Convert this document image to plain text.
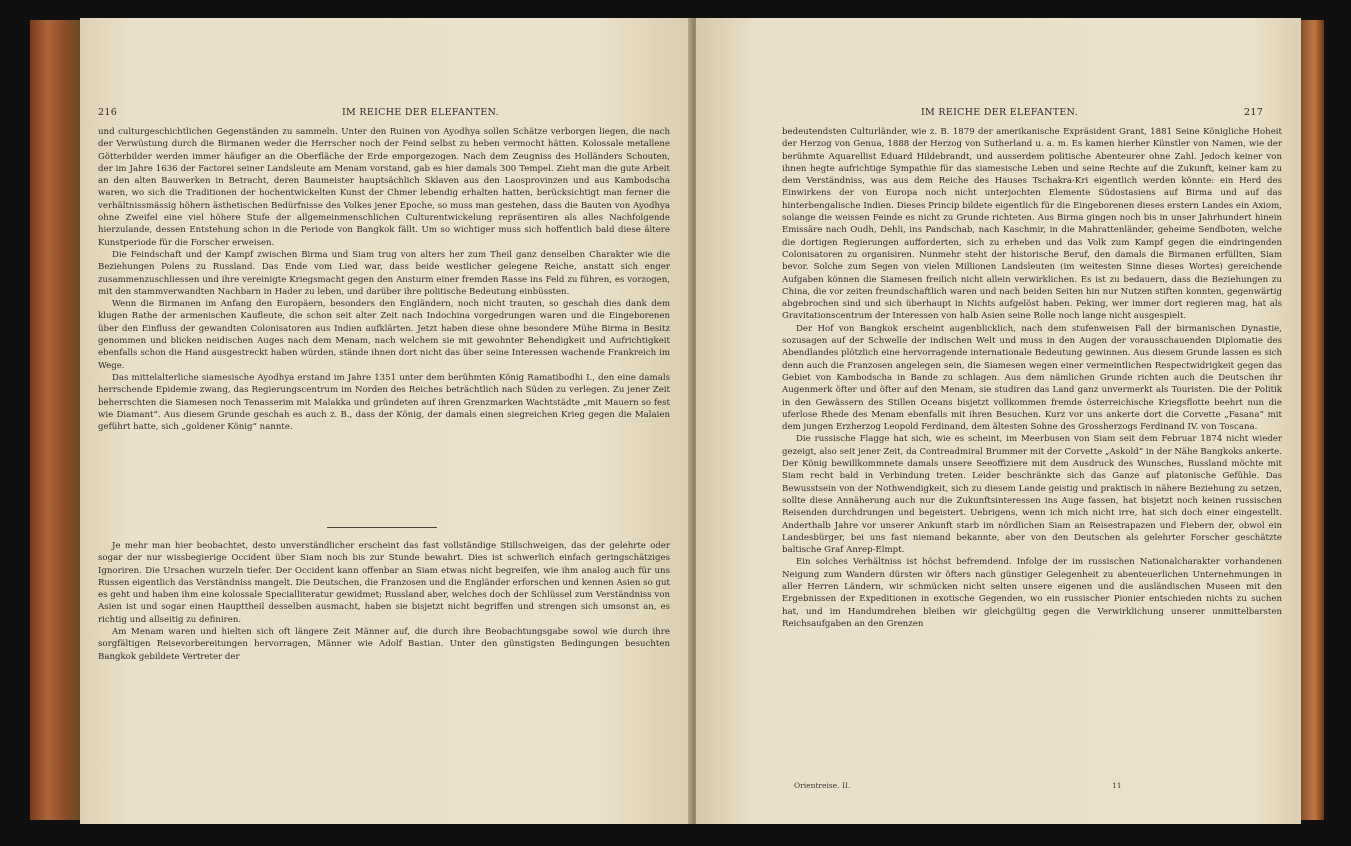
216	IM REICHE DER ELEFANTEN.

und culturgeschichtlichen Gegenständen zu sammeln. Unter den Ruinen von Ayodhya sollen Schätze verborgen liegen, die nach der Verwüstung durch die Birmanen weder die Herrscher noch der Feind selbst zu heben vermocht hätten. Kolossale metallene Götterbilder werden immer häufiger an die Oberfläche der Erde emporgezogen. Nach dem Zeugniss des Holländers Schouten, der im Jahre 1636 der Factorei seiner Landsleute am Menam vorstand, gab es hier damals 300 Tempel. Zieht man die gute Arbeit an den alten Bauwerken in Betracht, deren Baumeister hauptsächlich Sklaven aus den Laosprovinzen und aus Kambodscha waren, wo sich die Traditionen der hochentwickelten Kunst der Chmer lebendig erhalten hatten, berücksichtigt man ferner die verhältnissmässig höhern ästhetischen Bedürfnisse des Volkes jener Epoche, so muss man gestehen, dass die Bauten von Ayodhya ohne Zweifel eine viel höhere Stufe der allgemeinmenschlichen Culturentwickelung repräsentiren als alles Nachfolgende hierzulande, dessen Entstehung schon in die Periode von Bangkok fällt. Um so wichtiger muss sich hoffentlich bald diese ältere Kunstperiode für die Forscher erweisen.

Die Feindschaft und der Kampf zwischen Birma und Siam trug von alters her zum Theil ganz denselben Charakter wie die Beziehungen Polens zu Russland. Das Ende vom Lied war, dass beide westlicher gelegene Reiche, anstatt sich enger zusammenzuschliessen und ihre vereinigte Kriegsmacht gegen den Ansturm einer fremden Rasse ins Feld zu führen, es vorzogen, mit den stammverwandten Nachbarn in Hader zu leben, und darüber ihre politische Bedeutung einbüssten.

Wenn die Birmanen im Anfang den Europäern, besonders den Engländern, noch nicht trauten, so geschah dies dank dem klugen Rathe der armenischen Kaufleute, die schon seit alter Zeit nach Indochina vorgedrungen waren und die Eingeborenen über den Einfluss der gewandten Colonisatoren aus Indien aufklärten. Jetzt haben diese ohne besondere Mühe Birma in Besitz genommen und blicken neidischen Auges nach dem Menam, nach welchem sie mit gewohnter Behendigkeit und Aufrichtigkeit ebenfalls schon die Hand ausgestreckt haben würden, stände ihnen dort nicht das über seine Interessen wachende Frankreich im Wege.

Das mittelalterliche siamesische Ayodhya erstand im Jahre 1351 unter dem berühmten König Ramatibodhi I., den eine damals herrschende Epidemie zwang, das Regierungscentrum im Norden des Reiches beträchtlich nach Süden zu verlegen. Zu jener Zeit beherrschten die Siamesen noch Tenasserim mit Malakka und gründeten auf ihren Grenzmarken Wachtstädte „mit Mauern so fest wie Diamant“. Aus diesem Grunde geschah es auch z. B., dass der König, der damals einen siegreichen Krieg gegen die Malaien geführt hatte, sich „goldener König“ nannte.

Je mehr man hier beobachtet, desto unverständlicher erscheint das fast vollständige Stillschweigen, das der gelehrte oder sogar der nur wissbegierige Occident über Siam noch bis zur Stunde bewahrt. Dies ist schwerlich einfach geringschätziges Ignoriren. Die Ursachen wurzeln tiefer. Der Occident kann offenbar an Siam etwas nicht begreifen, wie ihm analog auch für uns Russen eigentlich das Verständniss mangelt. Die Deutschen, die Franzosen und die Engländer erforschen und kennen Asien so gut es geht und haben ihm eine kolossale Specialliteratur gewidmet; Russland aber, welches doch der Schlüssel zum Verständniss von Asien ist und sogar einen Haupttheil desselben ausmacht, haben sie bisjetzt nicht begriffen und strengen sich umsonst an, es richtig und allseitig zu definiren.

Am Menam waren und hielten sich oft längere Zeit Männer auf, die durch ihre Beobachtungsgabe sowol wie durch ihre sorgfältigen Reisevorbereitungen hervorragen, Männer wie Adolf Bastian. Unter den günstigsten Bedingungen besuchten Bangkok gebildete Vertreter der

IM REICHE DER ELEFANTEN.	217

bedeutendsten Culturländer, wie z. B. 1879 der amerikanische Expräsident Grant, 1881 Seine Königliche Hoheit der Herzog von Genua, 1888 der Herzog von Sutherland u. a. m. Es kamen hierher Künstler von Namen, wie der berühmte Aquarellist Eduard Hildebrandt, und ausserdem politische Abenteurer ohne Zahl. Jedoch keiner von ihnen hegte aufrichtige Sympathie für das siamesische Leben und seine Rechte auf die Zukunft, keiner kam zu dem Verständniss, was aus dem Reiche des Hauses Tschakra-Kri eigentlich werden könnte: ein Herd des Einwirkens der von Europa noch nicht unterjochten Elemente Südostasiens auf Birma und auf das hinterbengalische Indien. Dieses Princip bildete eigentlich für die Eingeborenen dieses erstern Landes ein Axiom, solange die weissen Feinde es nicht zu Grunde richteten. Aus Birma gingen noch bis in unser Jahrhundert hinein Emissäre nach Oudh, Dehli, ins Pandschab, nach Kaschmir, in die Mahrattenländer, geheime Sendboten, welche die dortigen Regierungen aufforderten, sich zu erheben und das Volk zum Kampf gegen die eindringenden Colonisatoren zu organisiren. Nunmehr steht der historische Beruf, den damals die Birmanen erfüllten, Siam bevor. Solche zum Segen von vielen Millionen Landsleuten (im weitesten Sinne dieses Wortes) gereichende Aufgaben können die Siamesen freilich nicht allein verwirklichen. Es ist zu bedauern, dass die Beziehungen zu China, die vor zeiten freundschaftlich waren und nach beiden Seiten hin nur Nutzen stiften konnten, gegenwärtig abgebrochen sind und sich überhaupt in Nichts aufgelöst haben. Peking, wer immer dort regieren mag, hat als Gravitationscentrum der Interessen von halb Asien seine Rolle noch lange nicht ausgespielt.

Der Hof von Bangkok erscheint augenblicklich, nach dem stufenweisen Fall der birmanischen Dynastie, sozusagen auf der Schwelle der indischen Welt und muss in den Augen der vorausschauenden Diplomatie des Abendlandes plötzlich eine hervorragende internationale Bedeutung gewinnen. Aus diesem Grunde lassen es sich denn auch die Franzosen angelegen sein, die Siamesen wegen einer vermeintlichen Respectwidrigkeit gegen das Gebiet von Kambodscha in Bande zu schlagen. Aus dem nämlichen Grunde richten auch die Deutschen ihr Augenmerk öfter und öfter auf den Menam, sie studiren das Land ganz unvermerkt als Touristen. Die der Politik in den Gewässern des Stillen Oceans bisjetzt vollkommen fremde österreichische Kriegsflotte beehrt nun die uferlose Rhede des Menam ebenfalls mit ihren Besuchen. Kurz vor uns ankerte dort die Corvette „Fasana“ mit dem jungen Erzherzog Leopold Ferdinand, dem ältesten Sohne des Grossherzogs Ferdinand IV. von Toscana.

Die russische Flagge hat sich, wie es scheint, im Meerbusen von Siam seit dem Februar 1874 nicht wieder gezeigt, also seit jener Zeit, da Contreadmiral Brummer mit der Corvette „Askold“ in der Nähe Bangkoks ankerte. Der König bewillkommnete damals unsere Seeoffiziere mit dem Ausdruck des Wunsches, Russland möchte mit Siam recht bald in Verbindung treten. Leider beschränkte sich das Ganze auf platonische Gefühle. Das Bewusstsein von der Nothwendigkeit, sich zu diesem Lande geistig und praktisch in nähere Beziehung zu setzen, sollte diese Annäherung auch nur die Zukunftsinteressen ins Auge fassen, hat bisjetzt noch keinen russischen Reisenden durchdrungen und begeistert. Uebrigens, wenn ich mich nicht irre, hat sich doch einer eingestellt. Anderthalb Jahre vor unserer Ankunft starb im nördlichen Siam an Reisestrapazen und Fiebern der, obwol ein Landesbürger, bei uns fast niemand bekannte, aber von den Deutschen als gelehrter Forscher geschätzte baltische Graf Anrep-Elmpt.

Ein solches Verhältniss ist höchst befremdend. Infolge der im russischen Nationalcharakter vorhandenen Neigung zum Wandern dürsten wir öfters nach günstiger Gelegenheit zu abenteuerlichen Unternehmungen in aller Herren Ländern, wir schmücken nicht selten unsere eigenen und die ausländischen Museen mit den Ergebnissen der Expeditionen in exotische Gegenden, wo ein russischer Pionier entschieden nichts zu suchen hat, und im Handumdrehen bleiben wir gleichgültig gegen die Verwirklichung unserer unmittelbarsten Reichsaufgaben an den Grenzen

Orientreise. II.	11
